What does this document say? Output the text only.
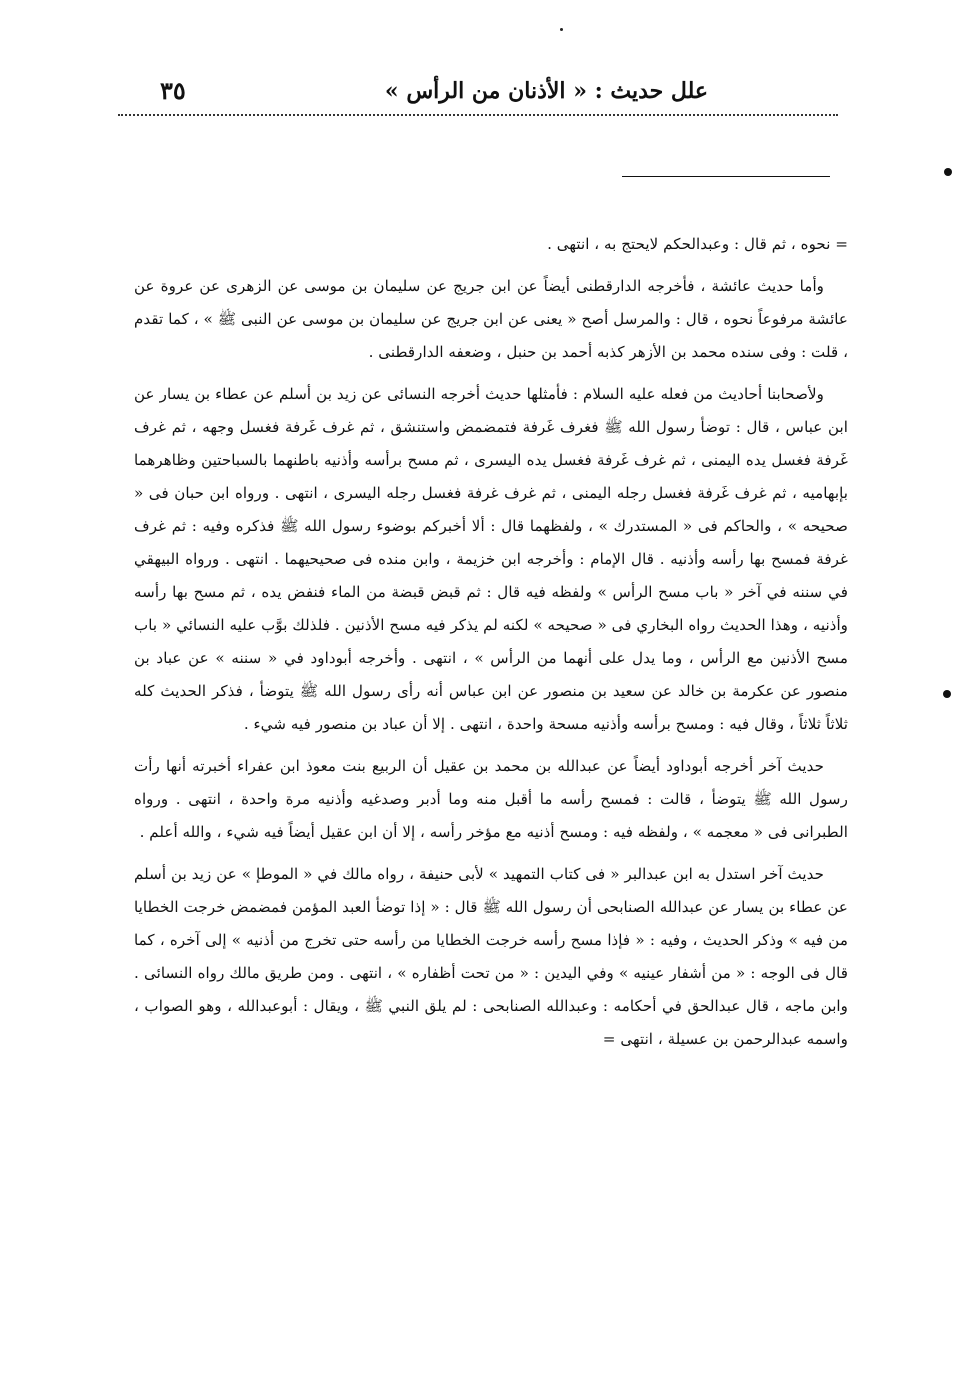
علل حديث : « الأذنان من الرأس »
٣٥

= نحوه ، ثم قال : وعبدالحكم لايحتج به ، انتهى .

وأما حديث عائشة ، فأخرجه الدارقطنى أيضاً عن ابن جريج عن سليمان بن موسى عن الزهرى عن عروة عن عائشة مرفوعاً نحوه ، قال : والمرسل أصح « يعنى عن ابن جريج عن سليمان بن موسى عن النبى ﷺ » ، كما تقدم ، قلت : وفى سنده محمد بن الأزهر كذبه أحمد بن حنبل ، وضعفه الدارقطنى .

ولأصحابنا أحاديث من فعله عليه السلام : فأمثلها حديث أخرجه النسائى عن زيد بن أسلم عن عطاء بن يسار عن ابن عباس ، قال : توضأ رسول الله ﷺ فغرف غَرفة فتمضمض واستنشق ، ثم غرف غَرفة فغسل وجهه ، ثم غرف غَرفة فغسل يده اليمنى ، ثم غرف غَرفة فغسل يده اليسرى ، ثم مسح برأسه وأذنيه باطنهما بالسباحتين وظاهرهما بإبهاميه ، ثم غرف غَرفة فغسل رجله اليمنى ، ثم غرف غرفة فغسل رجله اليسرى ، انتهى . ورواه ابن حبان فى « صحيحه » ، والحاكم فى « المستدرك » ، ولفظهما قال : ألا أخبركم بوضوء رسول الله ﷺ فذكره وفيه : ثم غرف غرفة فمسح بها رأسه وأذنيه . قال الإمام : وأخرجه ابن خزيمة ، وابن منده فى صحيحيهما . انتهى . ورواه البيهقي في سننه في آخر « باب مسح الرأس » ولفظه فيه قال : ثم قبض قبضة من الماء فنفض يده ، ثم مسح بها رأسه وأذنيه ، وهذا الحديث رواه البخاري فى « صحيحه » لكنه لم يذكر فيه مسح الأذنين . فلذلك بوَّب عليه النسائي « باب مسح الأذنين مع الرأس ، وما يدل على أنهما من الرأس » ، انتهى . وأخرجه أبوداود في « سننه » عن عباد بن منصور عن عكرمة بن خالد عن سعيد بن منصور عن ابن عباس أنه رأى رسول الله ﷺ يتوضأ ، فذكر الحديث كله ثلاثاً ثلاثاً ، وقال فيه : ومسح برأسه وأذنيه مسحة واحدة ، انتهى . إلا أن عباد بن منصور فيه شيء .

حديث آخر أخرجه أبوداود أيضاً عن عبدالله بن محمد بن عقيل أن الربيع بنت معوذ ابن عفراء أخبرته أنها رأت رسول الله ﷺ يتوضأ ، قالت : فمسح رأسه ما أقبل منه وما أدبر وصدغيه وأذنيه مرة واحدة ، انتهى . ورواه الطبرانى فى « معجمه » ، ولفظه فيه : ومسح أذنيه مع مؤخر رأسه ، إلا أن ابن عقيل أيضاً فيه شيء ، والله أعلم .

حديث آخر استدل به ابن عبدالبر « فى كتاب التمهيد » لأبى حنيفة ، رواه مالك في « الموطإ » عن زيد بن أسلم عن عطاء بن يسار عن عبدالله الصنابحى أن رسول الله ﷺ قال : « إذا توضأ العبد المؤمن فمضمض خرجت الخطايا من فيه » وذكر الحديث ، وفيه : « فإذا مسح رأسه خرجت الخطايا من رأسه حتى تخرج من أذنيه » إلى آخره ، كما قال فى الوجه : « من أشفار عينيه » وفي اليدين : « من تحت أظفاره » ، انتهى . ومن طريق مالك رواه النسائى . وابن ماجه ، قال عبدالحق في أحكامه : وعبدالله الصنابحى : لم يلق النبي ﷺ ، ويقال : أبوعبدالله ، وهو الصواب ، واسمه عبدالرحمن بن عسيلة ، انتهى =
